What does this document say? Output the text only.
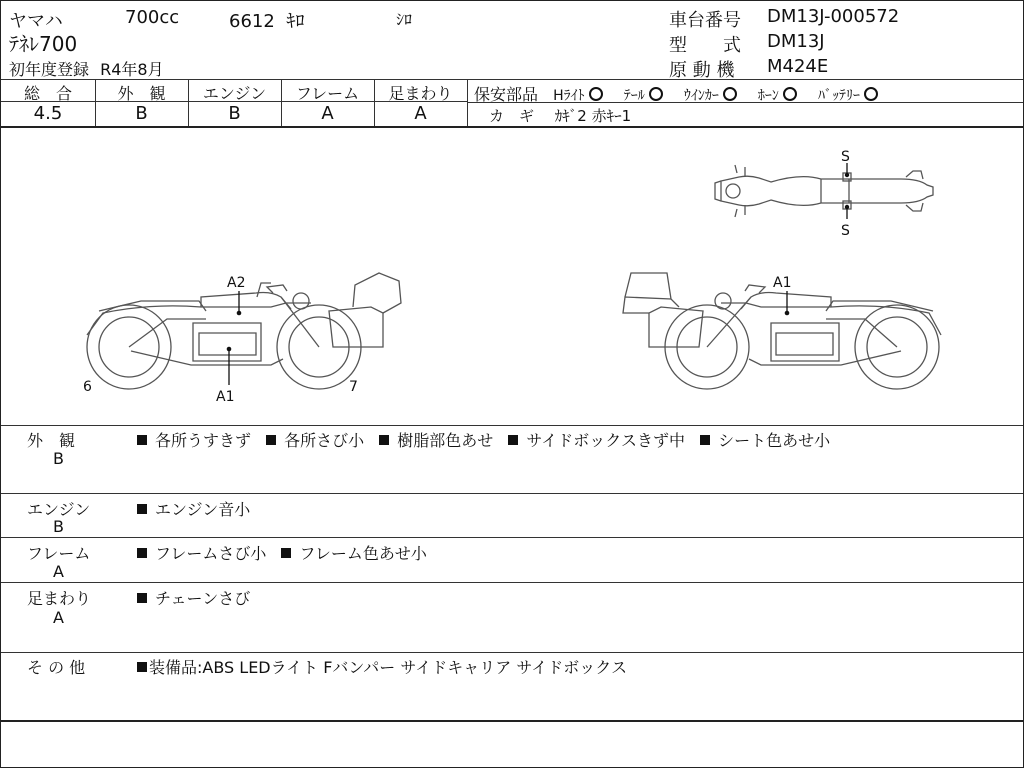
ヤマハ	700cc	6612 ｷﾛ	ｼﾛ
ﾃﾈﾚ700
初年度登録 R4年8月
車台番号 DM13J-000572
型　　式 DM13J
原 動 機 M424E
総　合
4.5
外　観
B
エンジン
B
フレーム
A
足まわり
A
保安部品 Hﾗｲﾄ	ﾃｰﾙ	ｳｲﾝｶｰ	ﾎｰﾝ	ﾊﾞｯﾃﾘｰ
カ　ギ ｶｷﾞ2 赤ｷｰ1
S
S
A2
A1
6	7
A1
外　観
B
各所うすきず 各所さび小 樹脂部色あせ サイドボックスきず中 シート色あせ小
エンジン
B
エンジン音小
フレーム
A
フレームさび小 フレーム色あせ小
足まわり
A
チェーンさび
そ の 他	装備品:ABS LEDライト Fバンパー サイドキャリア サイドボックス
